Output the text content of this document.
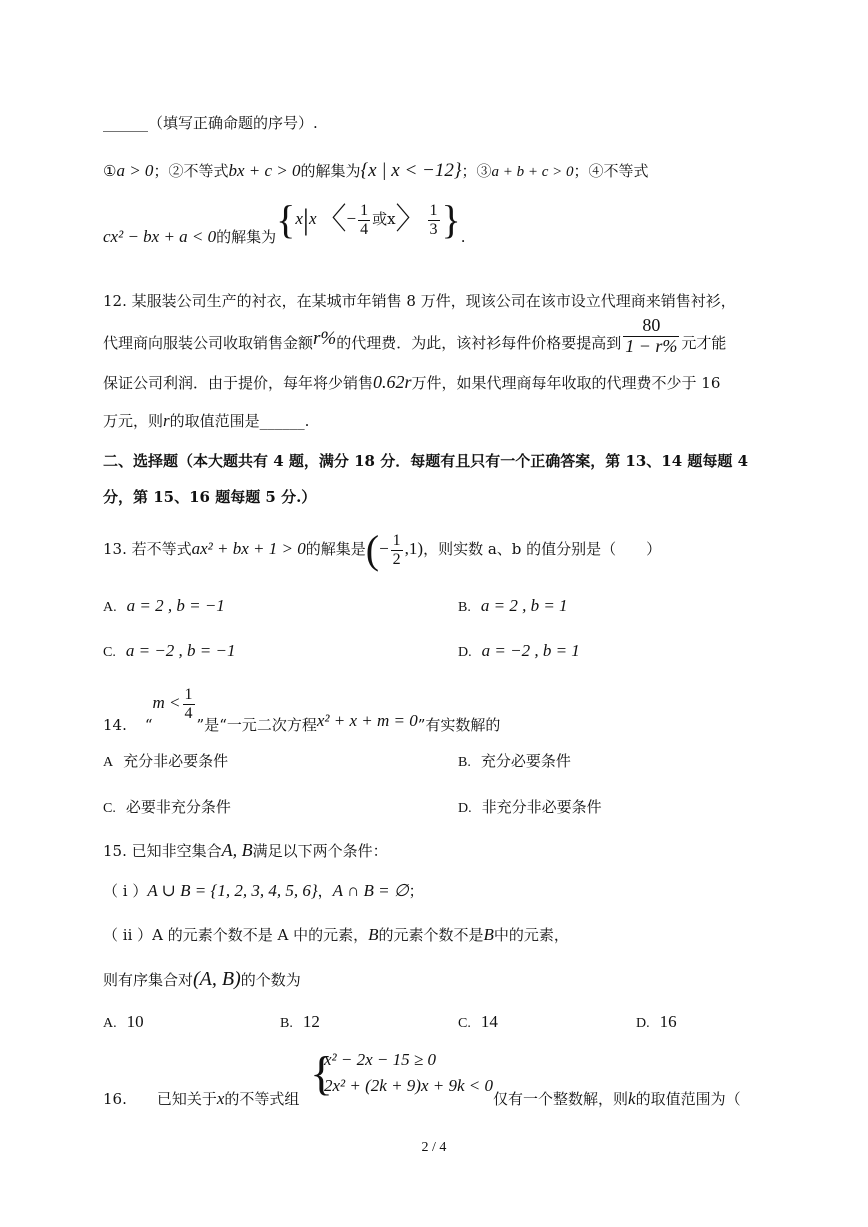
______（填写正确命题的序号）.
①a > 0；②不等式bx + c > 0的解集为{x | x < −12}；③a + b + c > 0；④不等式
cx² − bx + a < 0的解集为{x|x〈− $\frac{1}{4}$ 或x〉 $\frac{1}{3}$ }.
12. 某服装公司生产的衬衣，在某城市年销售 8 万件，现该公司在该市设立代理商来销售衬衫，
代理商向服装公司收取销售金额r%的代理费．为此，该衬衫每件价格要提高到 $\frac{80}{1 - r\%}$ 元才能
保证公司利润．由于提价，每年将少销售0.62r万件，如果代理商每年收取的代理费不少于 16
万元，则r的取值范围是______.
二、选择题（本大题共有 4 题，满分 18 分．每题有且只有一个正确答案，第 13、14 题每题 4
分，第 15、16 题每题 5 分.）
13. 若不等式ax² + bx + 1 > 0的解集是(− $\frac{1}{2} ,1$)，则实数 a、b 的值分别是（　　）
A. a = 2 , b = −1	B. a = 2 , b = 1
C. a = −2 , b = −1	D. a = −2 , b = 1
14. “$m < \frac{1}{4}$
”是“一元二次方程x² + x + m = 0”有实数解的
A 充分非必要条件	B. 充分必要条件
C. 必要非充分条件	D. 非充分非必要条件
15. 已知非空集合A, B满足以下两个条件：
（ i ）A ∪ B = {1, 2, 3, 4, 5, 6}，A ∩ B = ∅；
（ ii ）A 的元素个数不是 A 中的元素，B的元素个数不是B中的元素，
则有序集合对(A, B)的个数为
A. 10	B. 12	C. 14	D. 16
16. 已知关于x的不等式组 {
x² − 2x − 15 ≥ 0
2x² + (2k + 9)x + 9k < 0
仅有一个整数解，则k的取值范围为（
2 / 4
